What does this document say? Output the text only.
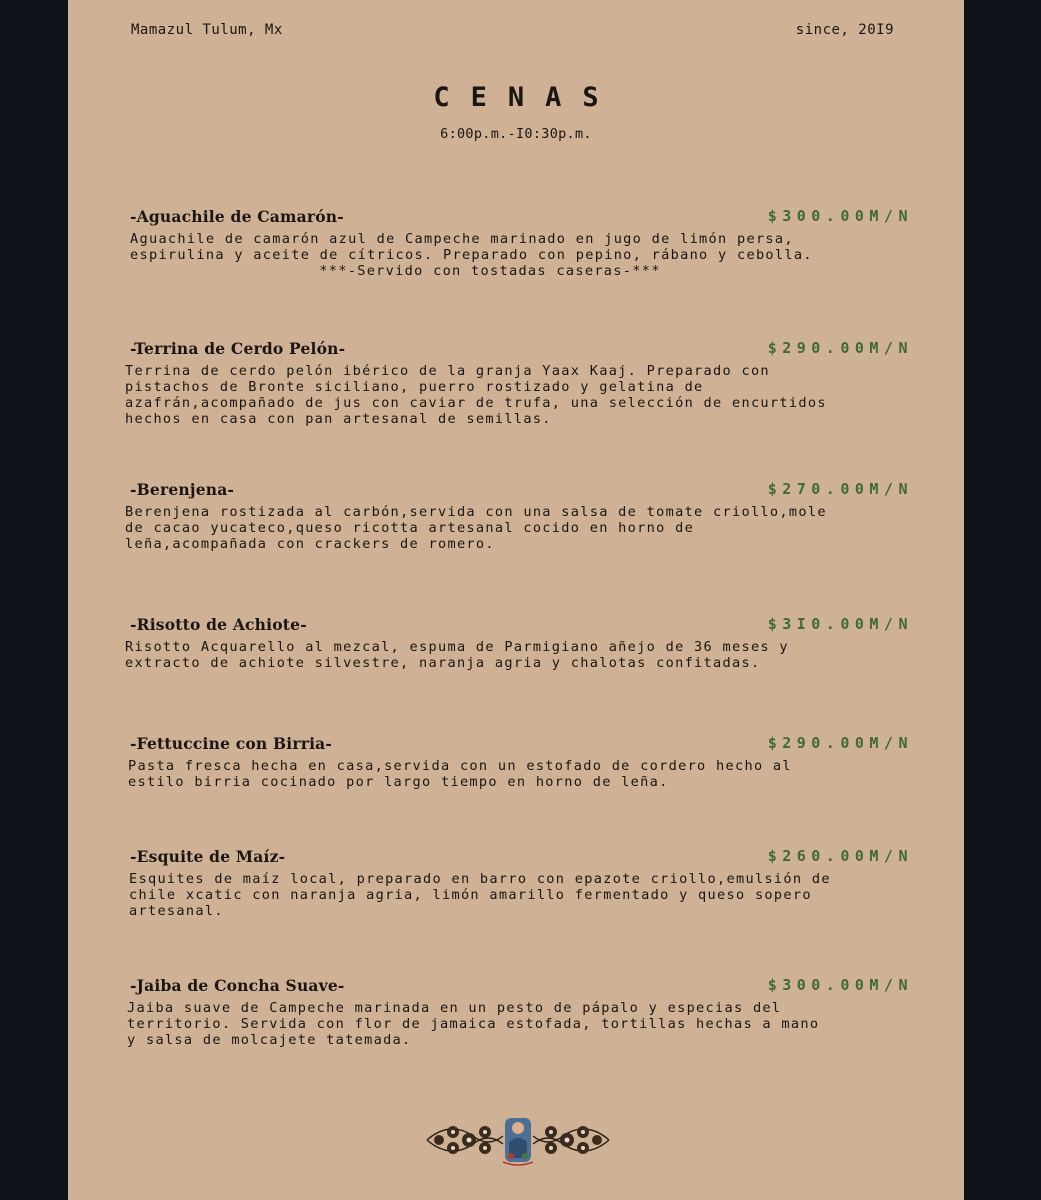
Mamazul Tulum, Mx	since, 20I9
CENAS
6:00p.m.-I0:30p.m.
-Aguachile de Camarón-	$300.00M/N
Aguachile de camarón azul de Campeche marinado en jugo de limón persa,
espirulina y aceite de cítricos. Preparado con pepino, rábano y cebolla.

***-Servido con tostadas caseras-***
-Terrina de Cerdo Pelón-	$290.00M/N
Terrina de cerdo pelón ibérico de la granja Yaax Kaaj. Preparado con
pistachos de Bronte siciliano, puerro rostizado y gelatina de
azafrán,acompañado de jus con caviar de trufa, una selección de encurtidos
hechos en casa con pan artesanal de semillas.
-Berenjena-	$270.00M/N
Berenjena rostizada al carbón,servida con una salsa de tomate criollo,mole
de cacao yucateco,queso ricotta artesanal cocido en horno de
leña,acompañada con crackers de romero.
-Risotto de Achiote-	$3I0.00M/N
Risotto Acquarello al mezcal, espuma de Parmigiano añejo de 36 meses y
extracto de achiote silvestre, naranja agria y chalotas confitadas.
-Fettuccine con Birria-	$290.00M/N
Pasta fresca hecha en casa,servida con un estofado de cordero hecho al
estilo birria cocinado por largo tiempo en horno de leña.
-Esquite de Maíz-	$260.00M/N
Esquites de maíz local, preparado en barro con epazote criollo,emulsión de
chile xcatic con naranja agria, limón amarillo fermentado y queso sopero
artesanal.
-Jaiba de Concha Suave-	$300.00M/N
Jaiba suave de Campeche marinada en un pesto de pápalo y especias del
territorio. Servida con flor de jamaica estofada, tortillas hechas a mano
y salsa de molcajete tatemada.
